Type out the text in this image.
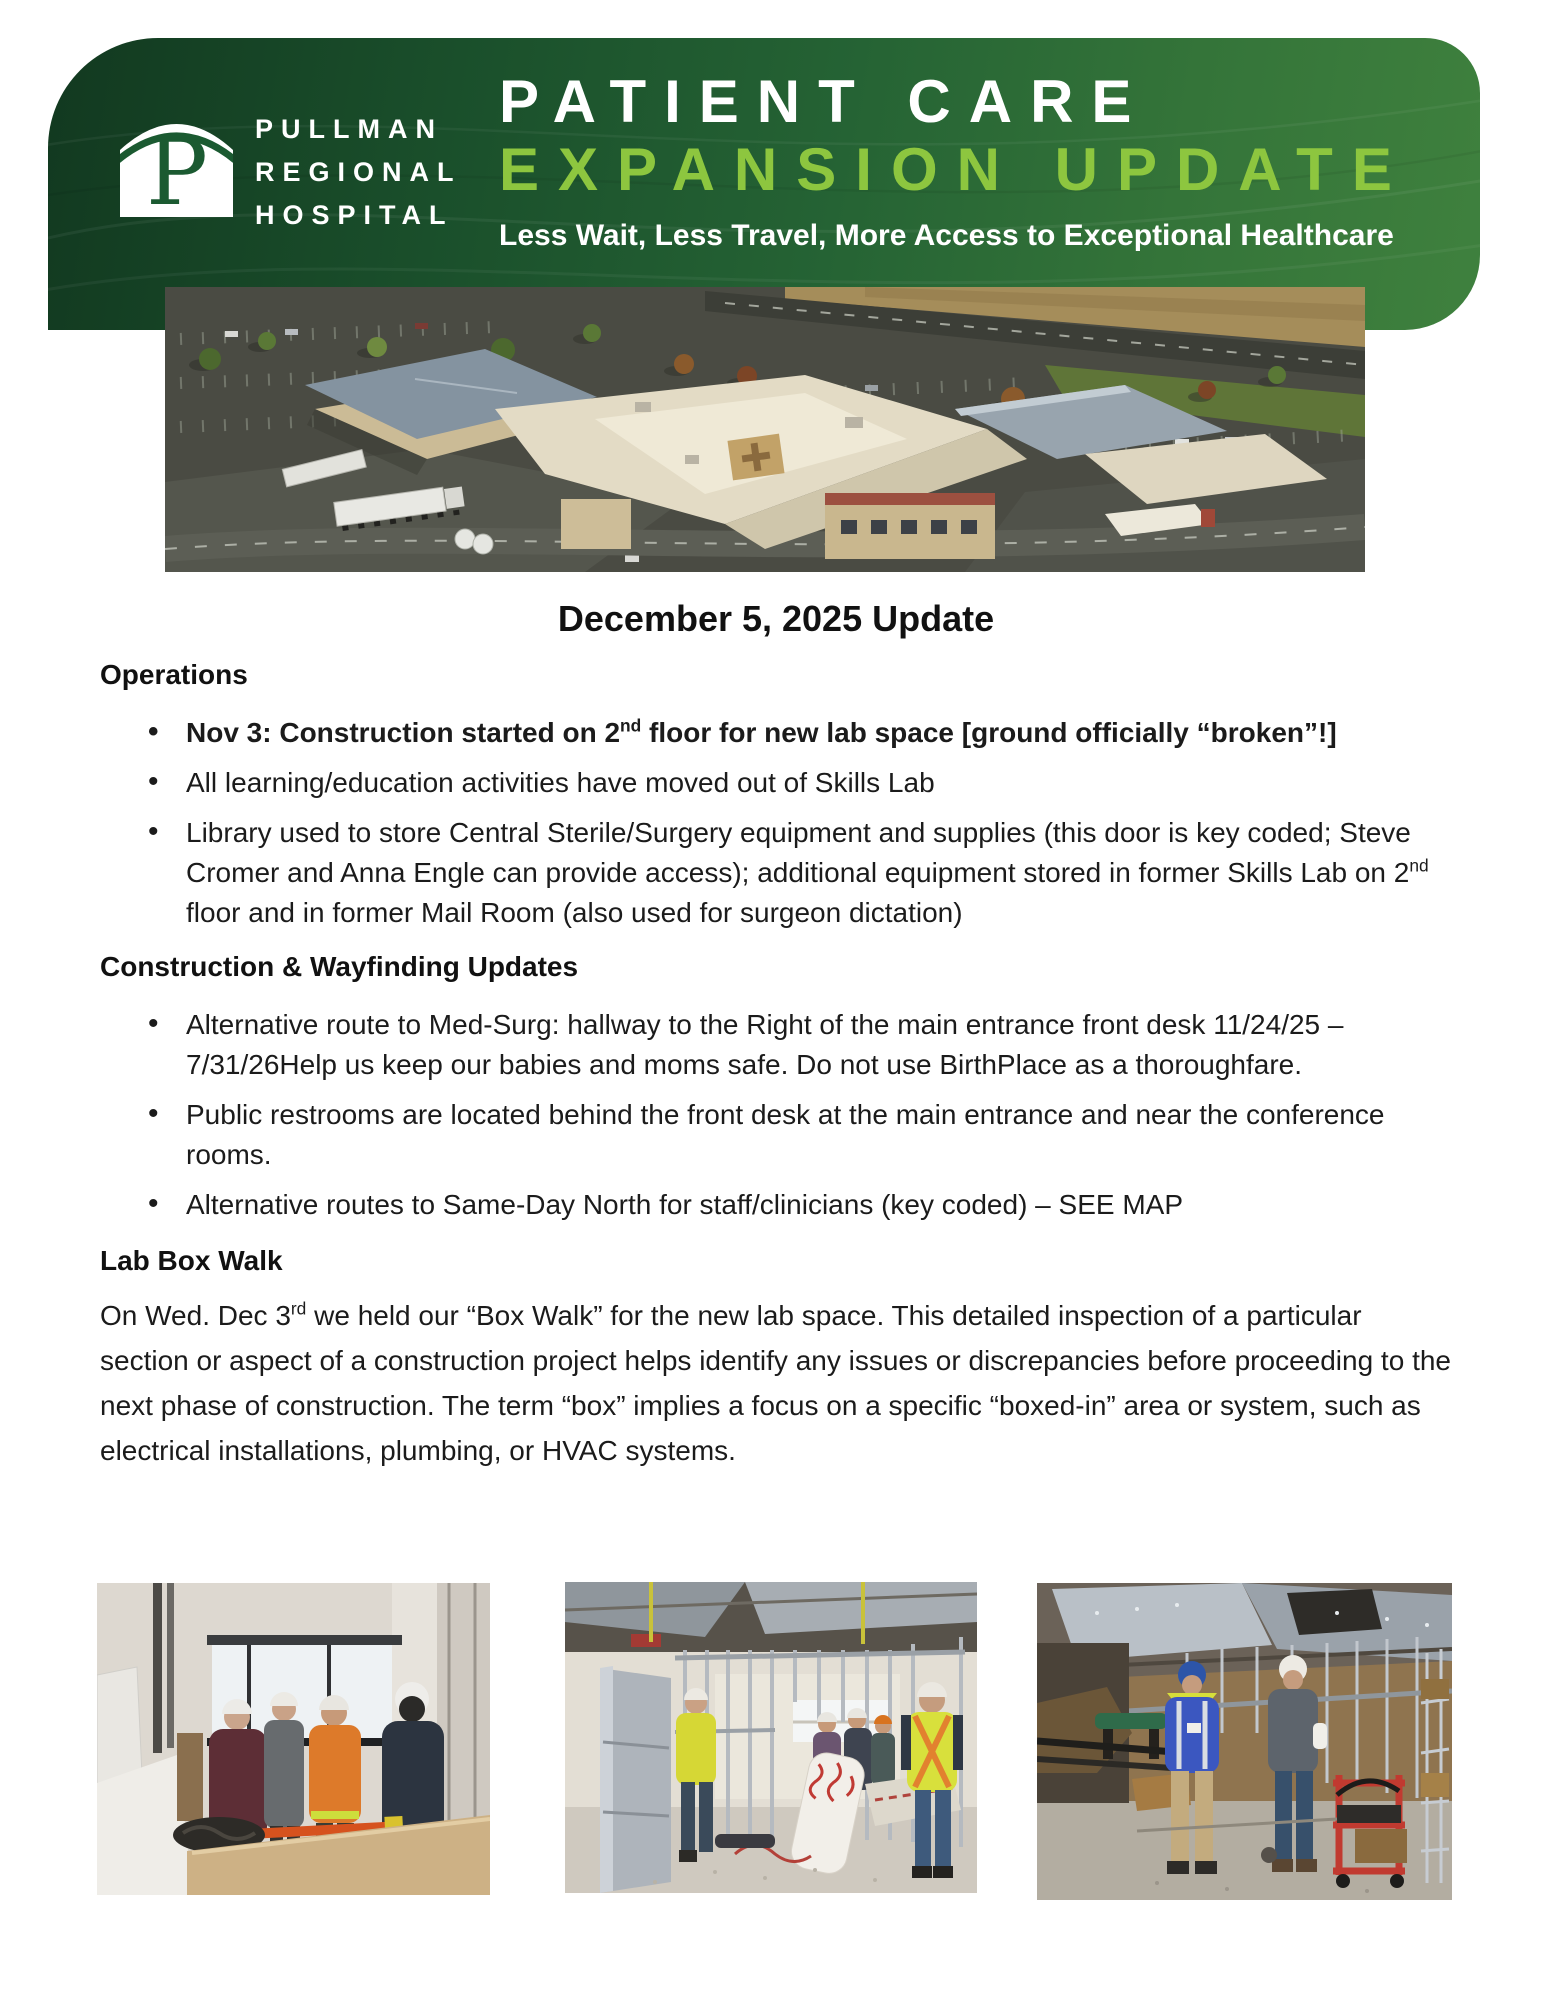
P PULLMAN
REGIONAL
HOSPITAL
PATIENT CARE
EXPANSION UPDATE
Less Wait, Less Travel, More Access to Exceptional Healthcare
December 5, 2025 Update
Operations
• Nov 3: Construction started on 2nd floor for new lab space [ground officially “broken”!]
• All learning/education activities have moved out of Skills Lab
• Library used to store Central Sterile/Surgery equipment and supplies (this door is key coded; Steve Cromer and Anna Engle can provide access); additional equipment stored in former Skills Lab on 2nd floor and in former Mail Room (also used for surgeon dictation)
Construction & Wayfinding Updates
• Alternative route to Med-Surg: hallway to the Right of the main entrance front desk 11/24/25 – 7/31/26Help us keep our babies and moms safe. Do not use BirthPlace as a thoroughfare.
• Public restrooms are located behind the front desk at the main entrance and near the conference rooms.
• Alternative routes to Same-Day North for staff/clinicians (key coded) – SEE MAP
Lab Box Walk

On Wed. Dec 3rd we held our “Box Walk” for the new lab space. This detailed inspection of a particular section or aspect of a construction project helps identify any issues or discrepancies before proceeding to the next phase of construction. The term “box” implies a focus on a specific “boxed-in” area or system, such as electrical installations, plumbing, or HVAC systems.
